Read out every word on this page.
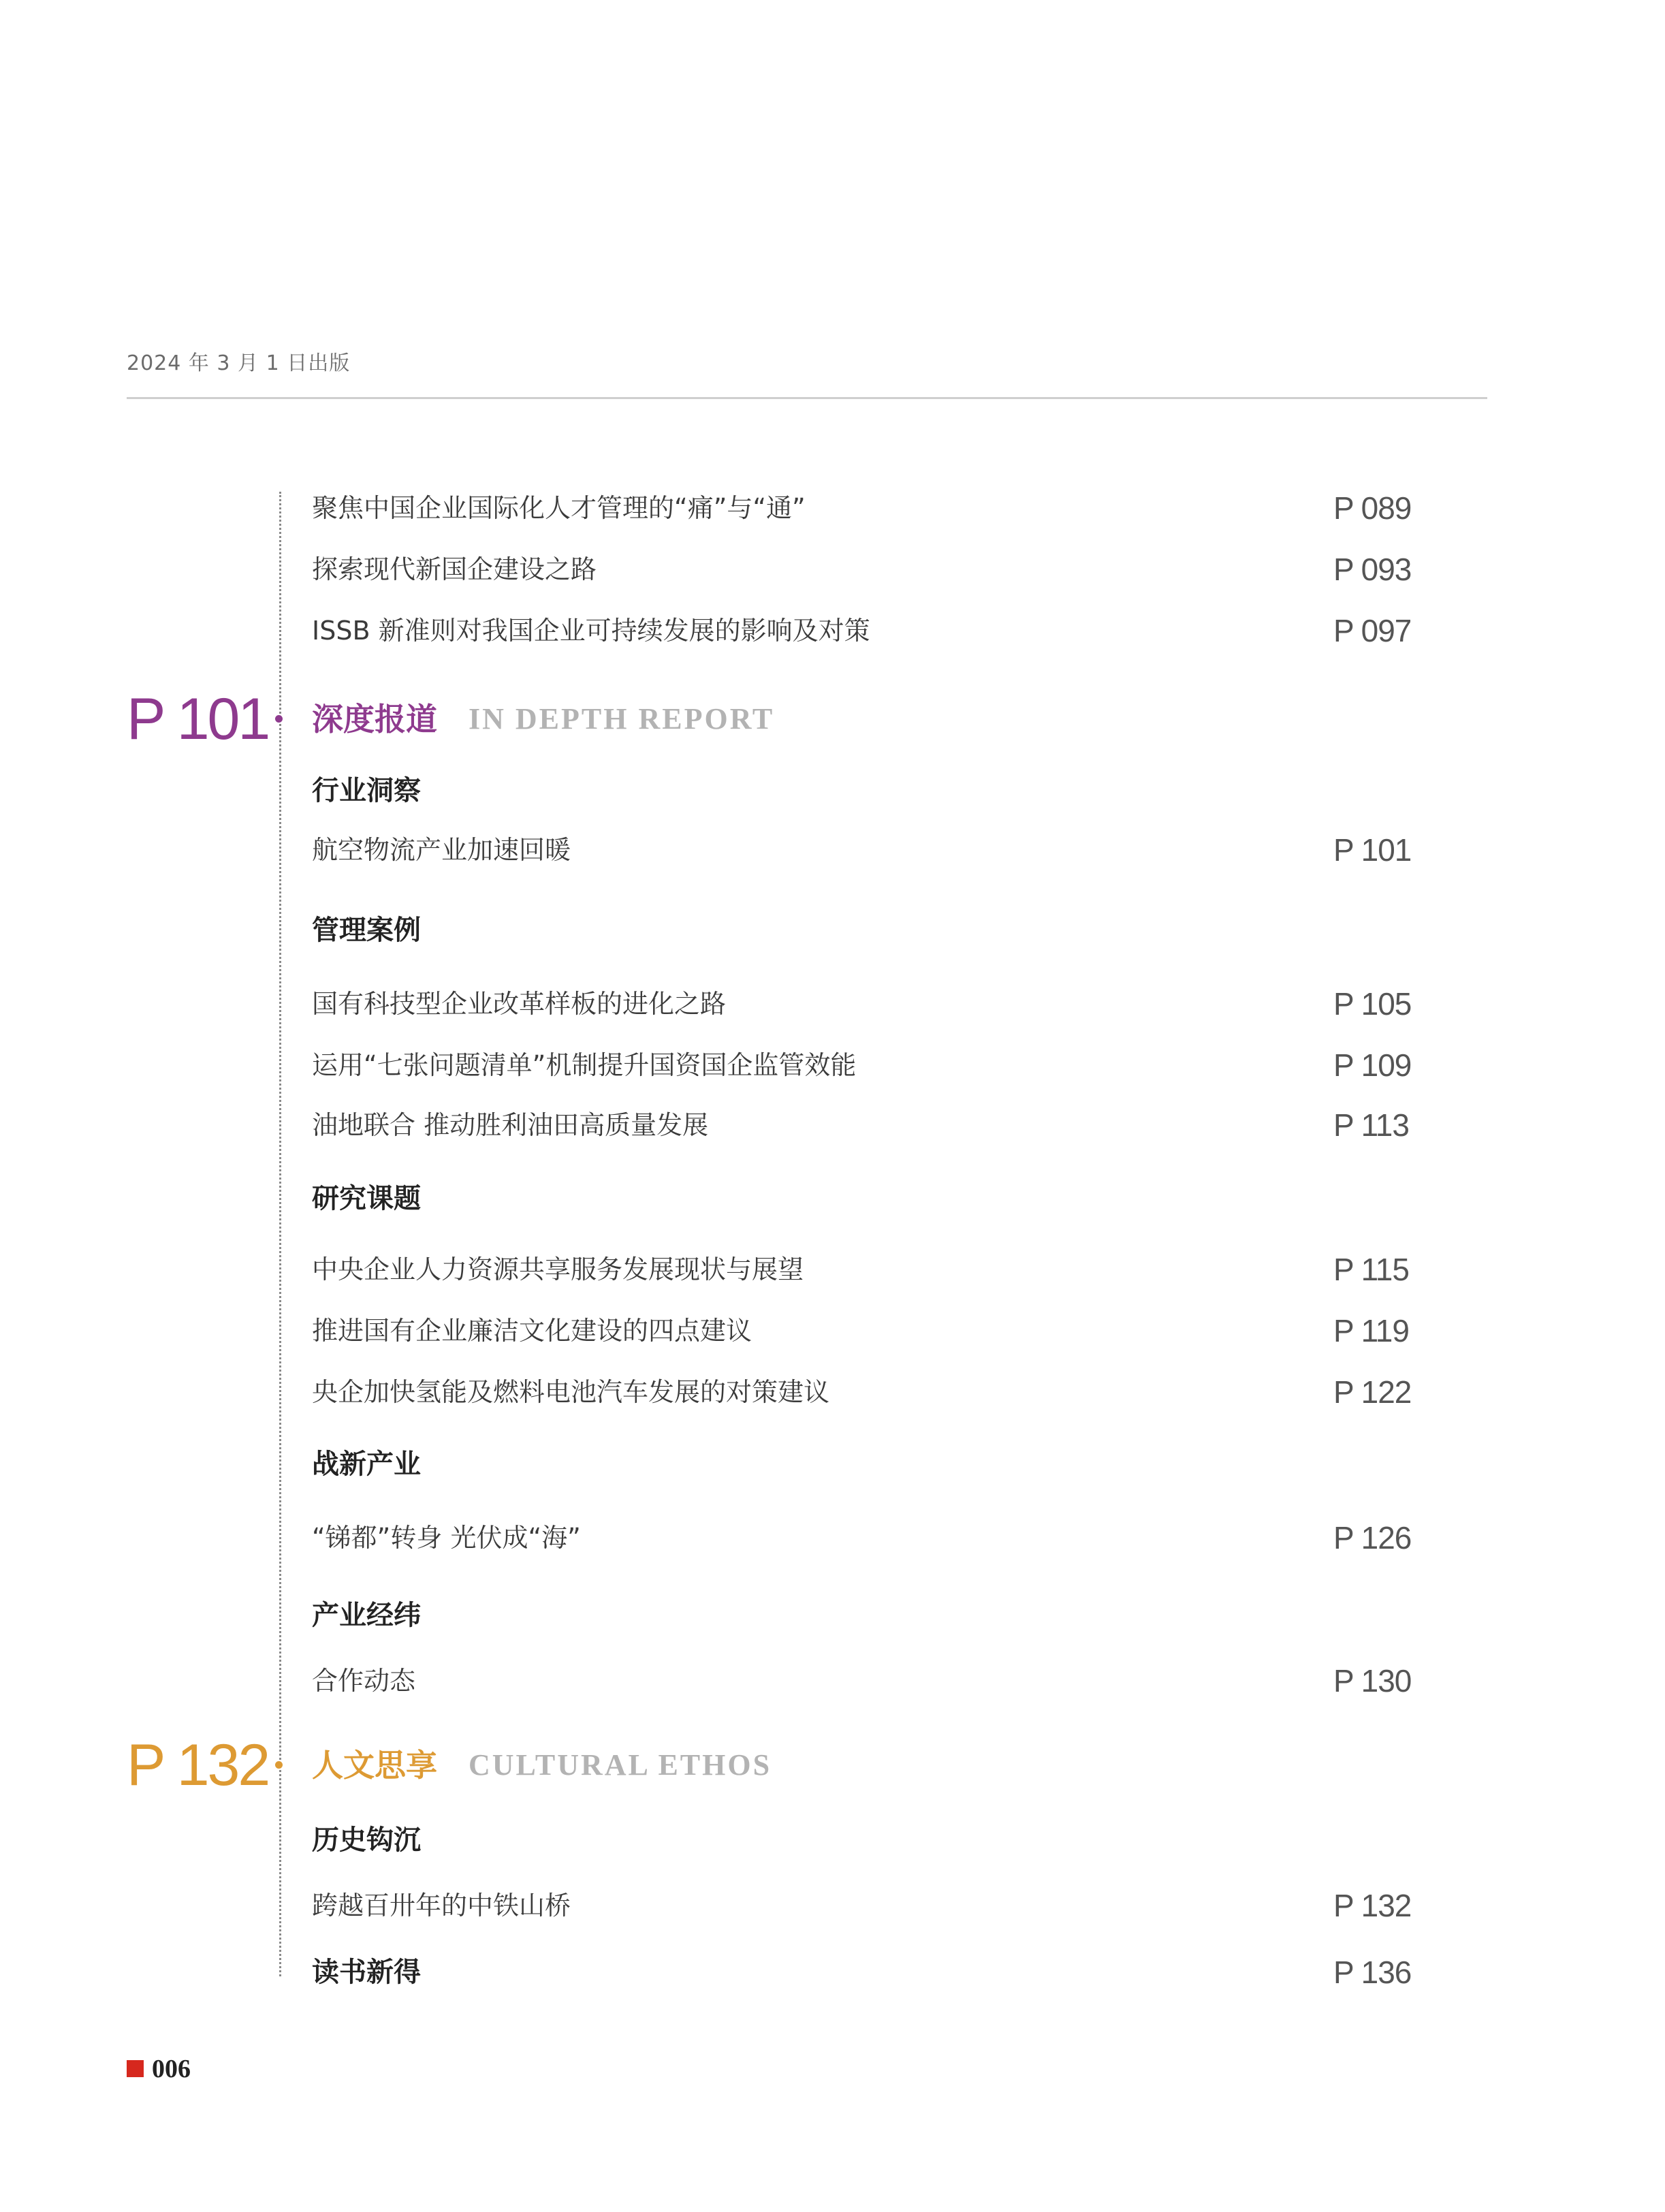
2024 年 3 月 1 日出版
聚焦中国企业国际化人才管理的“痛”与“通”	P 089
探索现代新国企建设之路	P 093
ISSB 新准则对我国企业可持续发展的影响及对策	P 097
P 101 深度报道 IN DEPTH REPORT
行业洞察
航空物流产业加速回暖	P 101
管理案例
国有科技型企业改革样板的进化之路	P 105
运用“七张问题清单”机制提升国资国企监管效能	P 109
油地联合 推动胜利油田高质量发展	P 113
研究课题
中央企业人力资源共享服务发展现状与展望	P 115
推进国有企业廉洁文化建设的四点建议	P 119
央企加快氢能及燃料电池汽车发展的对策建议	P 122
战新产业
“锑都”转身 光伏成“海”	P 126
产业经纬
合作动态	P 130
P 132 人文思享 CULTURAL ETHOS
历史钩沉
跨越百卅年的中铁山桥	P 132
读书新得	P 136
006
